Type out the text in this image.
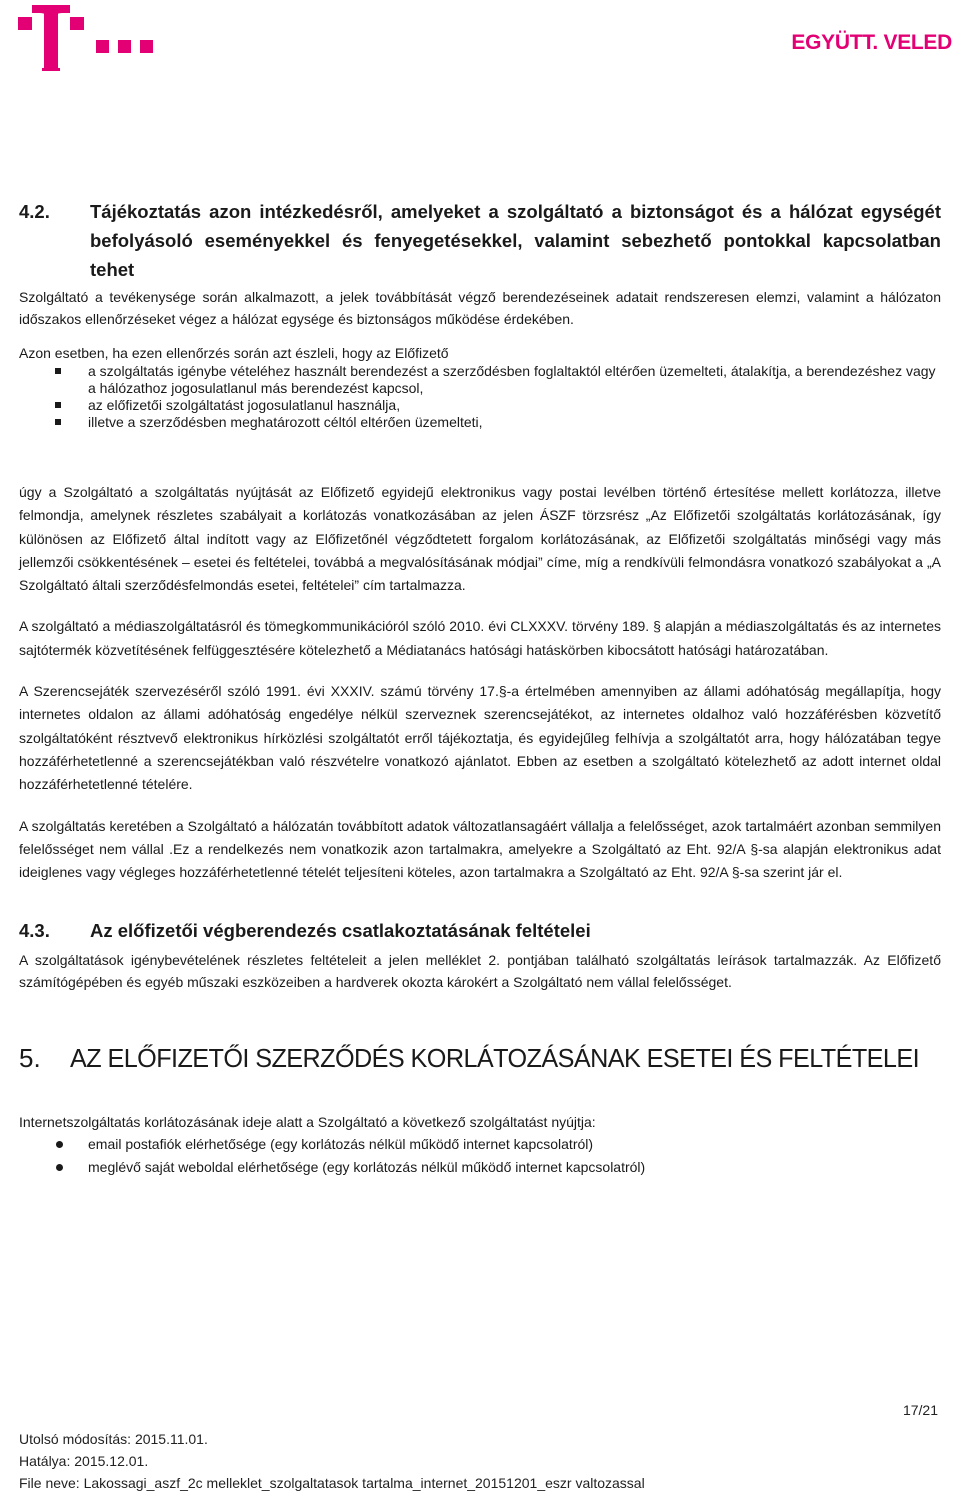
EGYÜTT. VELED
4.2.	Tájékoztatás azon intézkedésről, amelyeket a szolgáltató a biztonságot és a hálózat egységét befolyásoló eseményekkel és fenyegetésekkel, valamint sebezhető pontokkal kapcsolatban tehet

Szolgáltató a tevékenysége során alkalmazott, a jelek továbbítását végző berendezéseinek adatait rendszeresen elemzi, valamint a hálózaton időszakos ellenőrzéseket végez a hálózat egysége és biztonságos működése érdekében.

Azon esetben, ha ezen ellenőrzés során azt észleli, hogy az Előfizető

a szolgáltatás igénybe vételéhez használt berendezést a szerződésben foglaltaktól eltérően üzemelteti, átalakítja, a berendezéshez vagy a hálózathoz jogosulatlanul más berendezést kapcsol,
az előfizetői szolgáltatást jogosulatlanul használja,
illetve a szerződésben meghatározott céltól eltérően üzemelteti,

úgy a Szolgáltató a szolgáltatás nyújtását az Előfizető egyidejű elektronikus vagy postai levélben történő értesítése mellett korlátozza, illetve felmondja, amelynek részletes szabályait a korlátozás vonatkozásában az jelen ÁSZF törzsrész „Az Előfizetői szolgáltatás korlátozásának, így különösen az Előfizető által indított vagy az Előfizetőnél végződtetett forgalom korlátozásának, az Előfizetői szolgáltatás minőségi vagy más jellemzői csökkentésének – esetei és feltételei, továbbá a megvalósításának módjai” címe, míg a rendkívüli felmondásra vonatkozó szabályokat a „A Szolgáltató általi szerződésfelmondás esetei, feltételei” cím tartalmazza.

A szolgáltató a médiaszolgáltatásról és tömegkommunikációról szóló 2010. évi CLXXXV. törvény 189. § alapján a médiaszolgáltatás és az internetes sajtótermék közvetítésének felfüggesztésére kötelezhető a Médiatanács hatósági hatáskörben kibocsátott hatósági határozatában.

A Szerencsejáték szervezéséről szóló 1991. évi XXXIV. számú törvény 17.§-a értelmében amennyiben az állami adóhatóság megállapítja, hogy internetes oldalon az állami adóhatóság engedélye nélkül szerveznek szerencsejátékot, az internetes oldalhoz való hozzáférésben közvetítő szolgáltatóként résztvevő elektronikus hírközlési szolgáltatót erről tájékoztatja, és egyidejűleg felhívja a szolgáltatót arra, hogy hálózatában tegye hozzáférhetetlenné a szerencsejátékban való részvételre vonatkozó ajánlatot. Ebben az esetben a szolgáltató kötelezhető az adott internet oldal hozzáférhetetlenné tételére.

A szolgáltatás keretében a Szolgáltató a hálózatán továbbított adatok változatlansagáért vállalja a felelősséget, azok tartalmáért azonban semmilyen felelősséget nem vállal .Ez a rendelkezés nem vonatkozik azon tartalmakra, amelyekre a Szolgáltató az Eht. 92/A §-sa alapján elektronikus adat ideiglenes vagy végleges hozzáférhetetlenné tételét teljesíteni köteles, azon tartalmakra a Szolgáltató az Eht. 92/A §-sa szerint jár el.

4.3.	Az előfizetői végberendezés csatlakoztatásának feltételei

A szolgáltatások igénybevételének részletes feltételeit a jelen melléklet 2. pontjában található szolgáltatás leírások tartalmazzák. Az Előfizető számítógépében és egyéb műszaki eszközeiben a hardverek okozta károkért a Szolgáltató nem vállal felelősséget.

5.	AZ ELŐFIZETŐI SZERZŐDÉS KORLÁTOZÁSÁNAK ESETEI ÉS FELTÉTELEI

Internetszolgáltatás korlátozásának ideje alatt a Szolgáltató a következő szolgáltatást nyújtja:

email postafiók elérhetősége (egy korlátozás nélkül működő internet kapcsolatról)
meglévő saját weboldal elérhetősége (egy korlátozás nélkül működő internet kapcsolatról)
17/21
Utolsó módosítás: 2015.11.01.
Hatálya: 2015.12.01.
File neve: Lakossagi_aszf_2c melleklet_szolgaltatasok tartalma_internet_20151201_eszr valtozassal
